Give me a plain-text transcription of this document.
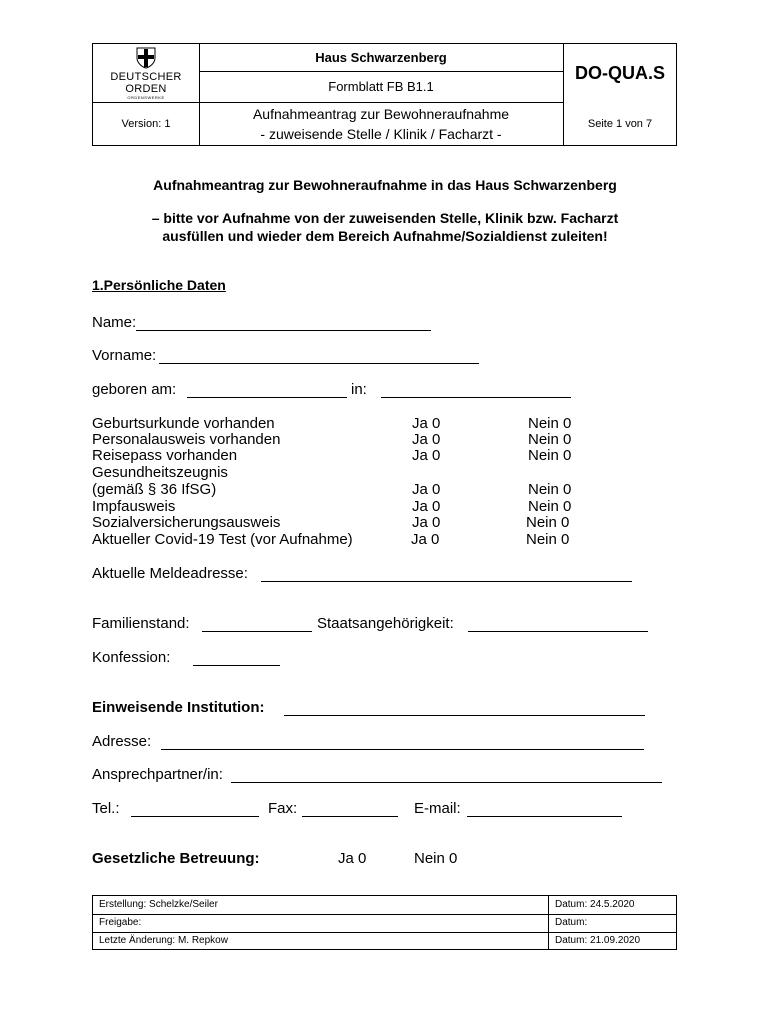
DEUTSCHER
ORDEN
ORDENSWERKE
Version: 1
Haus Schwarzenberg
Formblatt FB B1.1
Aufnahmeantrag zur Bewohneraufnahme
- zuweisende Stelle / Klinik / Facharzt -
DO-QUA.S
Seite 1 von 7
Aufnahmeantrag zur Bewohneraufnahme in das Haus Schwarzenberg
– bitte vor Aufnahme von der zuweisenden Stelle, Klinik bzw. Facharzt
ausfüllen und wieder dem Bereich Aufnahme/Sozialdienst zuleiten!
1.Persönliche Daten
Name:
Vorname:
geboren am:	in:
Geburtsurkunde vorhanden	Ja 0	Nein 0
Personalausweis vorhanden	Ja 0	Nein 0
Reisepass vorhanden	Ja 0	Nein 0
Gesundheitszeugnis
(gemäß § 36 IfSG)	Ja 0	Nein 0
Impfausweis	Ja 0	Nein 0
Sozialversicherungsausweis	Ja 0	Nein 0
Aktueller Covid-19 Test (vor Aufnahme)	Ja 0	Nein 0
Aktuelle Meldeadresse:
Familienstand:	Staatsangehörigkeit:
Konfession:
Einweisende Institution:
Adresse:
Ansprechpartner/in:
Tel.:	Fax:	E-mail:
Gesetzliche Betreuung:	Ja 0	Nein 0
Erstellung: Schelzke/Seiler	Datum: 24.5.2020
Freigabe:	Datum:
Letzte Änderung: M. Repkow	Datum: 21.09.2020
